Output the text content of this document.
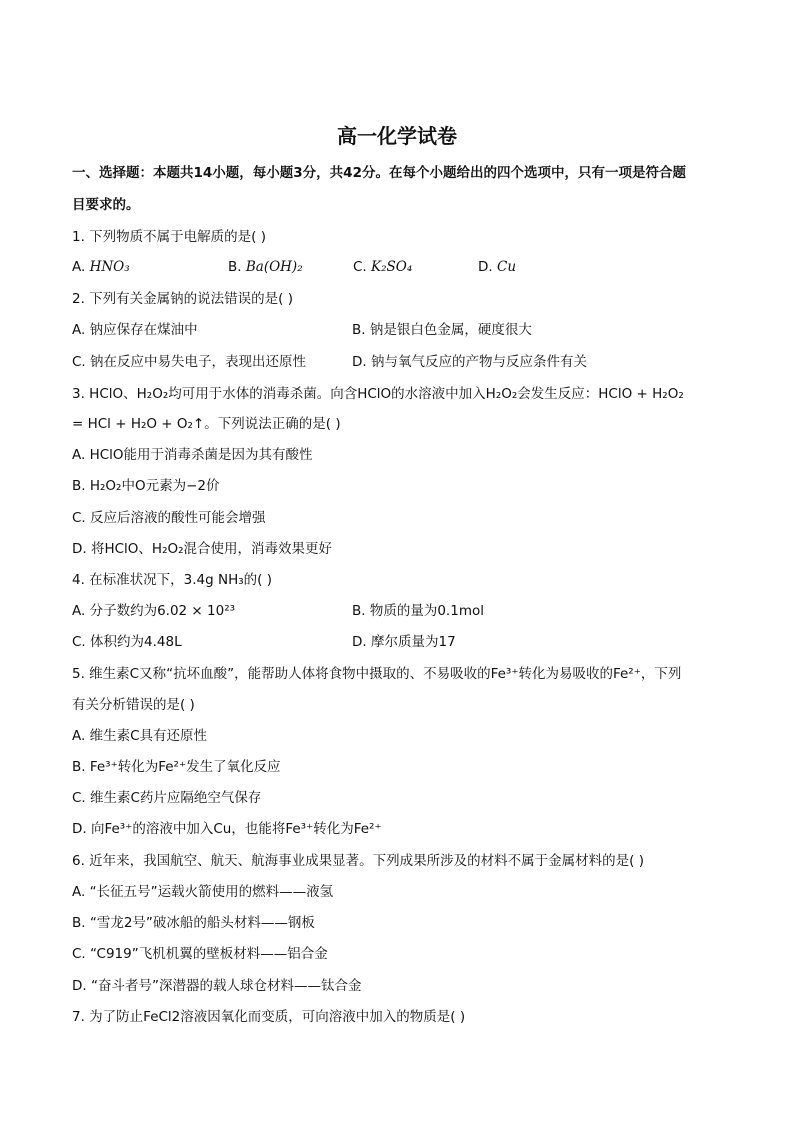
高一化学试卷
一、选择题：本题共14小题，每小题3分，共42分。在每个小题给出的四个选项中，只有一项是符合题
目要求的。
1. 下列物质不属于电解质的是( )
A. HNO₃	B. Ba(OH)₂	C. K₂SO₄	D. Cu
2. 下列有关金属钠的说法错误的是( )
A. 钠应保存在煤油中	B. 钠是银白色金属，硬度很大
C. 钠在反应中易失电子，表现出还原性	D. 钠与氧气反应的产物与反应条件有关
3. HClO、H₂O₂均可用于水体的消毒杀菌。向含HClO的水溶液中加入H₂O₂会发生反应：HClO + H₂O₂
= HCl + H₂O + O₂↑。下列说法正确的是( )
A. HClO能用于消毒杀菌是因为其有酸性
B. H₂O₂中O元素为−2价
C. 反应后溶液的酸性可能会增强
D. 将HClO、H₂O₂混合使用，消毒效果更好
4. 在标准状况下，3.4g NH₃的( )
A. 分子数约为6.02 × 10²³	B. 物质的量为0.1mol
C. 体积约为4.48L	D. 摩尔质量为17
5. 维生素C又称“抗坏血酸”，能帮助人体将食物中摄取的、不易吸收的Fe³⁺转化为易吸收的Fe²⁺，下列
有关分析错误的是( )
A. 维生素C具有还原性
B. Fe³⁺转化为Fe²⁺发生了氧化反应
C. 维生素C药片应隔绝空气保存
D. 向Fe³⁺的溶液中加入Cu，也能将Fe³⁺转化为Fe²⁺
6. 近年来，我国航空、航天、航海事业成果显著。下列成果所涉及的材料不属于金属材料的是( )
A. “长征五号”运载火箭使用的燃料——液氢
B. “雪龙2号”破冰船的船头材料——钢板
C. “C919”飞机机翼的壁板材料——铝合金
D. “奋斗者号”深潜器的载人球仓材料——钛合金
7. 为了防止FeCl2溶液因氧化而变质，可向溶液中加入的物质是( )
